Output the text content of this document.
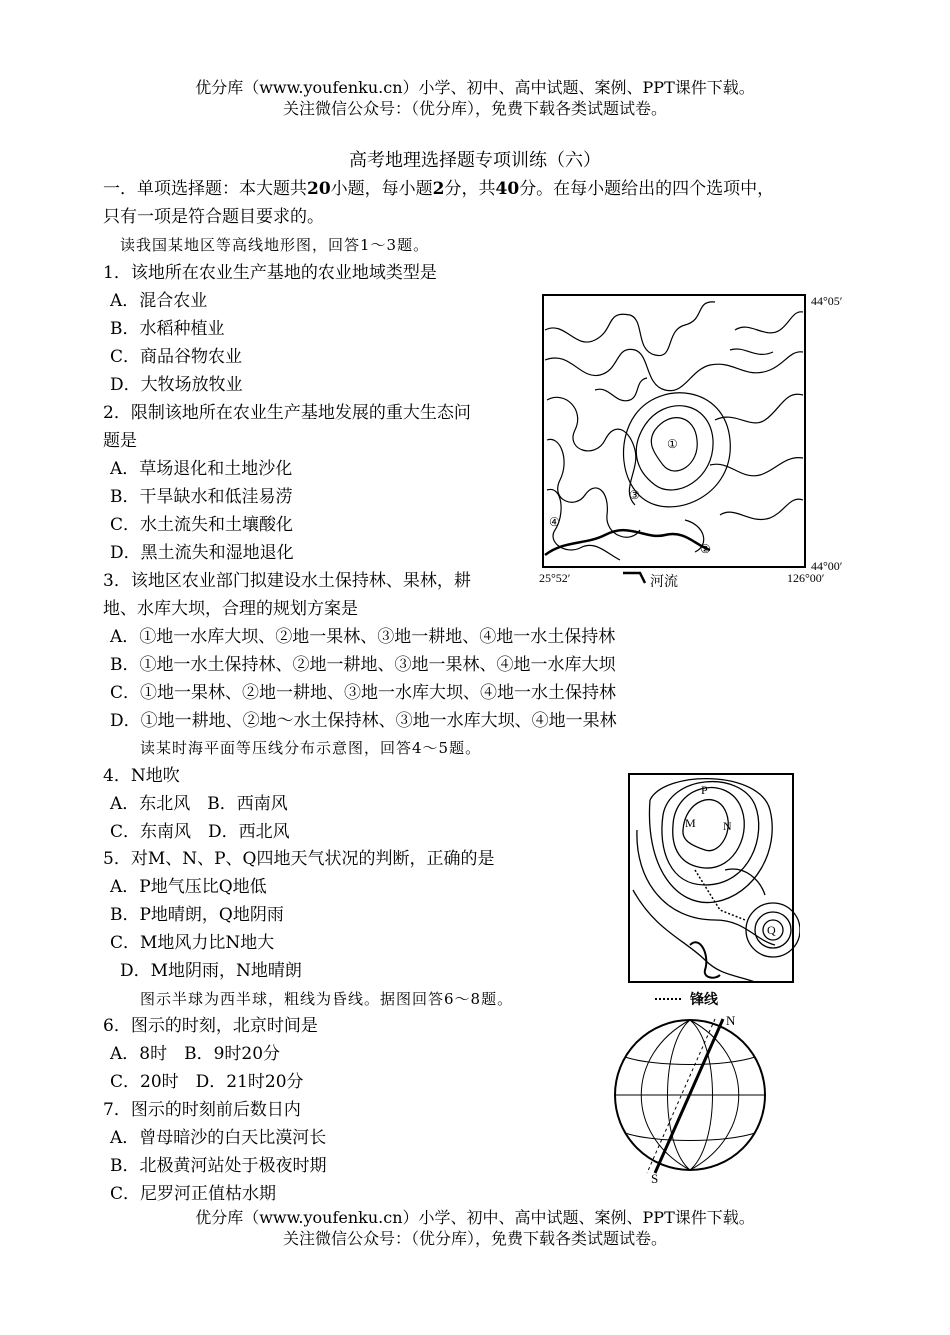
优分库（www.youfenku.cn）小学、初中、高中试题、案例、PPT课件下载。
关注微信公众号：（优分库），免费下载各类试题试卷。
高考地理选择题专项训练（六）
一．单项选择题：本大题共20小题，每小题2分，共40分。在每小题给出的四个选项中，
只有一项是符合题目要求的。
读我国某地区等高线地形图，回答1～3题。
1．该地所在农业生产基地的农业地域类型是
A．混合农业
B．水稻种植业
C．商品谷物农业
D．大牧场放牧业
2．限制该地所在农业生产基地发展的重大生态问
题是
A．草场退化和土地沙化
B．干旱缺水和低洼易涝
C．水土流失和土壤酸化
D．黑土流失和湿地退化
3．该地区农业部门拟建设水土保持林、果林，耕
地、水库大坝，合理的规划方案是
A．①地一水库大坝、②地一果林、③地一耕地、④地一水土保持林
B．①地一水土保持林、②地一耕地、③地一果林、④地一水库大坝
C．①地一果林、②地一耕地、③地一水库大坝、④地一水土保持林
D．①地一耕地、②地～水土保持林、③地一水库大坝、④地一果林
读某时海平面等压线分布示意图，回答4～5题。
4．N地吹
A．东北风　B．西南风
C．东南风　D．西北风
5．对M、N、P、Q四地天气状况的判断，正确的是
A．P地气压比Q地低
B．P地晴朗，Q地阴雨
C．M地风力比N地大
D．M地阴雨，N地晴朗
图示半球为西半球，粗线为昏线。据图回答6～8题。
6．图示的时刻，北京时间是
A．8时　B．9时20分
C．20时　D．21时20分
7．图示的时刻前后数日内
A．曾母暗沙的白天比漠河长
B．北极黄河站处于极夜时期
C．尼罗河正值枯水期
优分库（www.youfenku.cn）小学、初中、高中试题、案例、PPT课件下载。
关注微信公众号：（优分库），免费下载各类试题试卷。
③
②
④
①
44°05′
44°00′
25°52′	126°00′
河流
P
M N
Q
锋线
N
S
